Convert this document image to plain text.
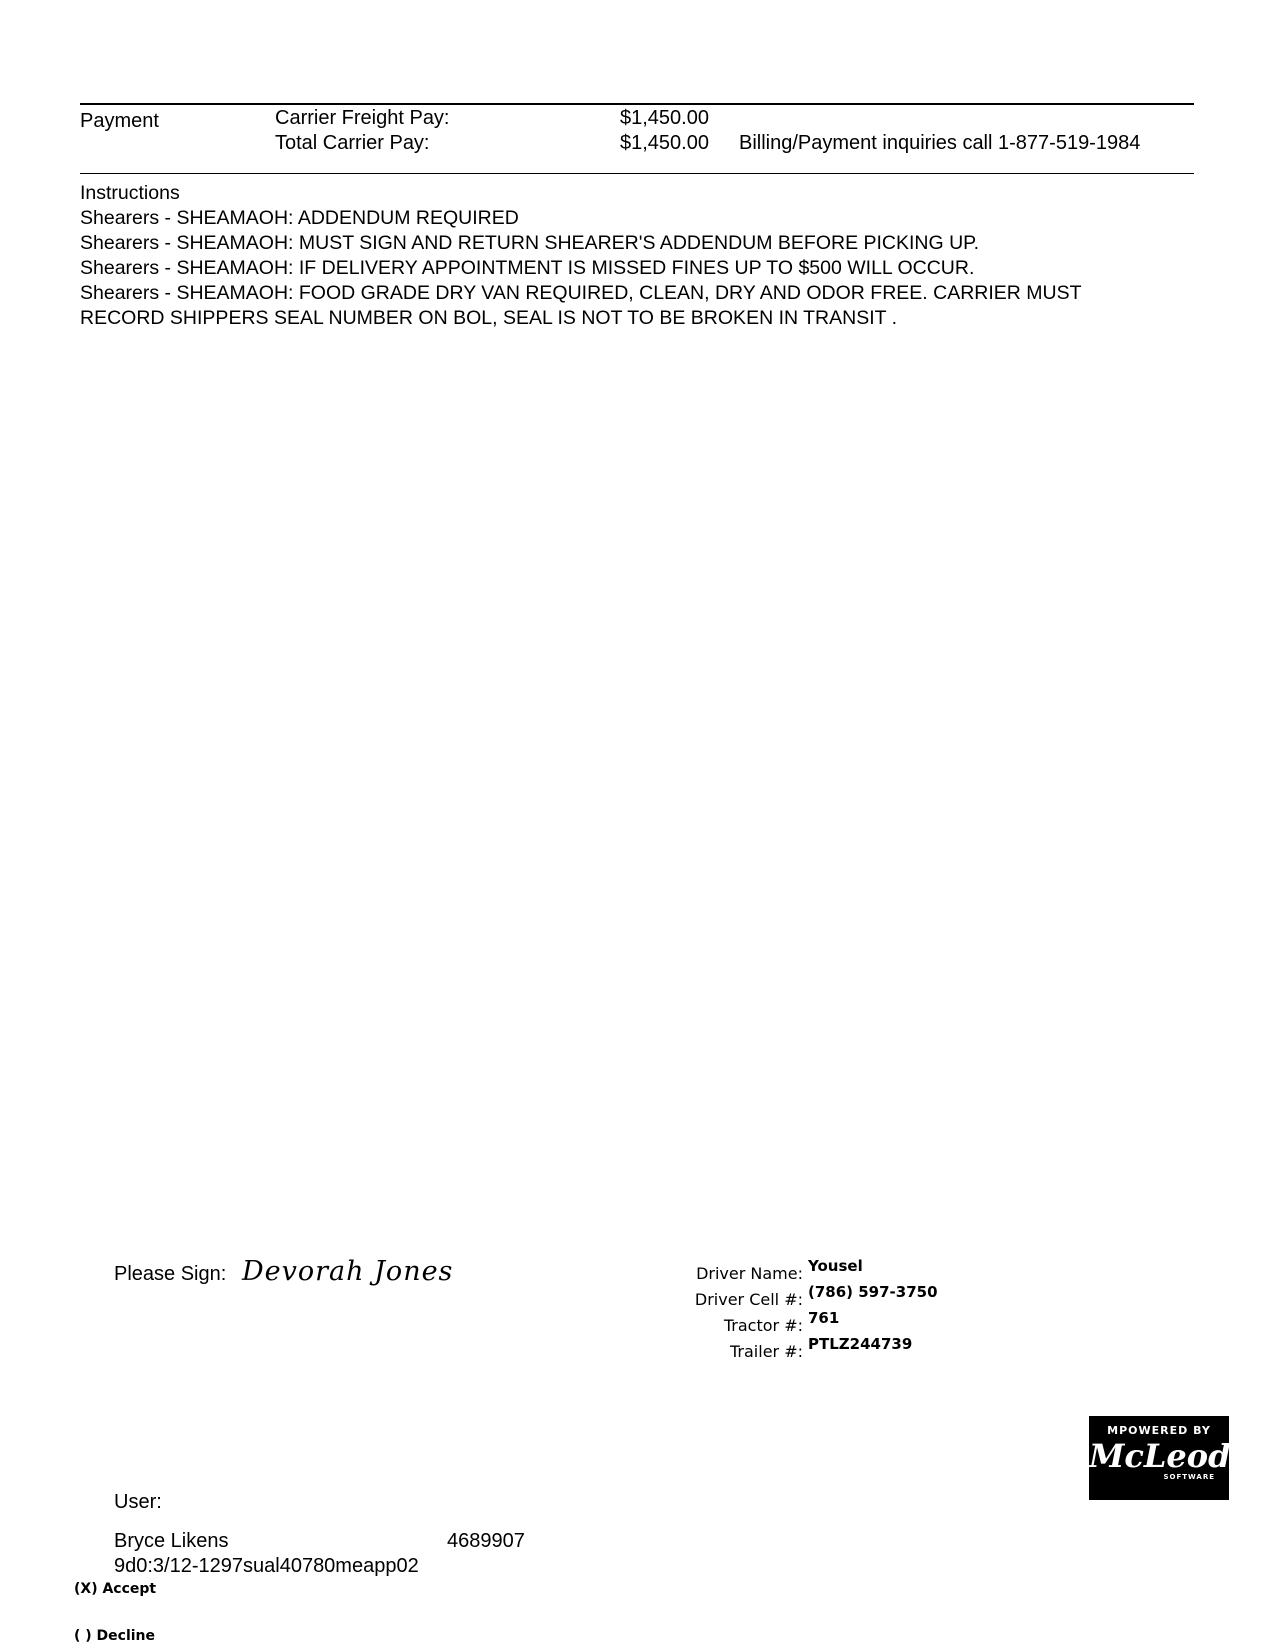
Payment	Carrier Freight Pay:	$1,450.00
Total Carrier Pay:	$1,450.00 Billing/Payment inquiries call 1-877-519-1984
Instructions
Shearers - SHEAMAOH: ADDENDUM REQUIRED
Shearers - SHEAMAOH: MUST SIGN AND RETURN SHEARER'S ADDENDUM BEFORE PICKING UP.
Shearers - SHEAMAOH: IF DELIVERY APPOINTMENT IS MISSED FINES UP TO $500 WILL OCCUR.
Shearers - SHEAMAOH: FOOD GRADE DRY VAN REQUIRED, CLEAN, DRY AND ODOR FREE. CARRIER MUST
RECORD SHIPPERS SEAL NUMBER ON BOL, SEAL IS NOT TO BE BROKEN IN TRANSIT .
Please Sign: Devorah Jones	Driver Name: Yousel
Driver Cell #: (786) 597-3750
Tractor #: 761
Trailer #: PTLZ244739
MPOWERED BY
McLeod
SOFTWARE
User:
Bryce Likens	4689907
9d0:3/12-1297sual40780meapp02
(X) Accept
( ) Decline
